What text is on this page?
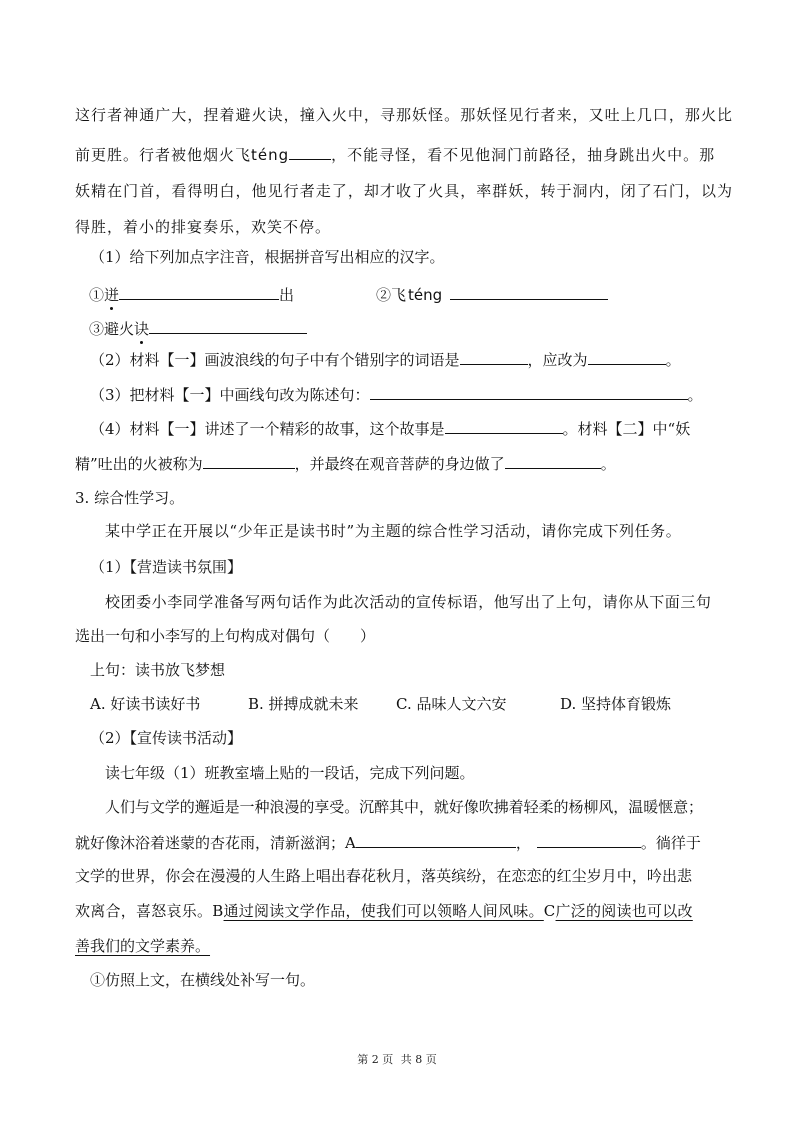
这行者神通广大，捏着避火诀，撞入火中，寻那妖怪。那妖怪见行者来，又吐上几口，那火比
前更胜。行者被他烟火飞téng	，不能寻怪，看不见他洞门前路径，抽身跳出火中。那
妖精在门首，看得明白，他见行者走了，却才收了火具，率群妖，转于洞内，闭了石门，以为
得胜，着小的排宴奏乐，欢笑不停。
（1）给下列加点字注音，根据拼音写出相应的汉字。
①迸	出	②飞 téng
③避火诀
（2）材料【一】画波浪线的句子中有个错别字的词语是	，应改为	。
（3）把材料【一】中画线句改为陈述句：	。
（4）材料【一】讲述了一个精彩的故事，这个故事是	。材料【二】中“妖
精”吐出的火被称为	，并最终在观音菩萨的身边做了	。
3. 综合性学习。
某中学正在开展以“少年正是读书时”为主题的综合性学习活动，请你完成下列任务。
（1）【营造读书氛围】
校团委小李同学准备写两句话作为此次活动的宣传标语，他写出了上句，请你从下面三句
选出一句和小李写的上句构成对偶句（　　）
上句：读书放飞梦想
A. 好读书读好书	B. 拼搏成就未来 C. 品味人文六安	D. 坚持体育锻炼
（2）【宣传读书活动】
读七年级（1）班教室墙上贴的一段话，完成下列问题。
人们与文学的邂逅是一种浪漫的享受。沉醉其中，就好像吹拂着轻柔的杨柳风，温暖惬意；
就好像沐浴着迷蒙的杏花雨，清新滋润；A	，	。徜徉于
文学的世界，你会在漫漫的人生路上唱出春花秋月，落英缤纷，在恋恋的红尘岁月中，吟出悲
欢离合，喜怒哀乐。B通过阅读文学作品，使我们可以领略人间风味。C广泛的阅读也可以改
善我们的文学素养。
①仿照上文，在横线处补写一句。
第 2 页 共 8 页
